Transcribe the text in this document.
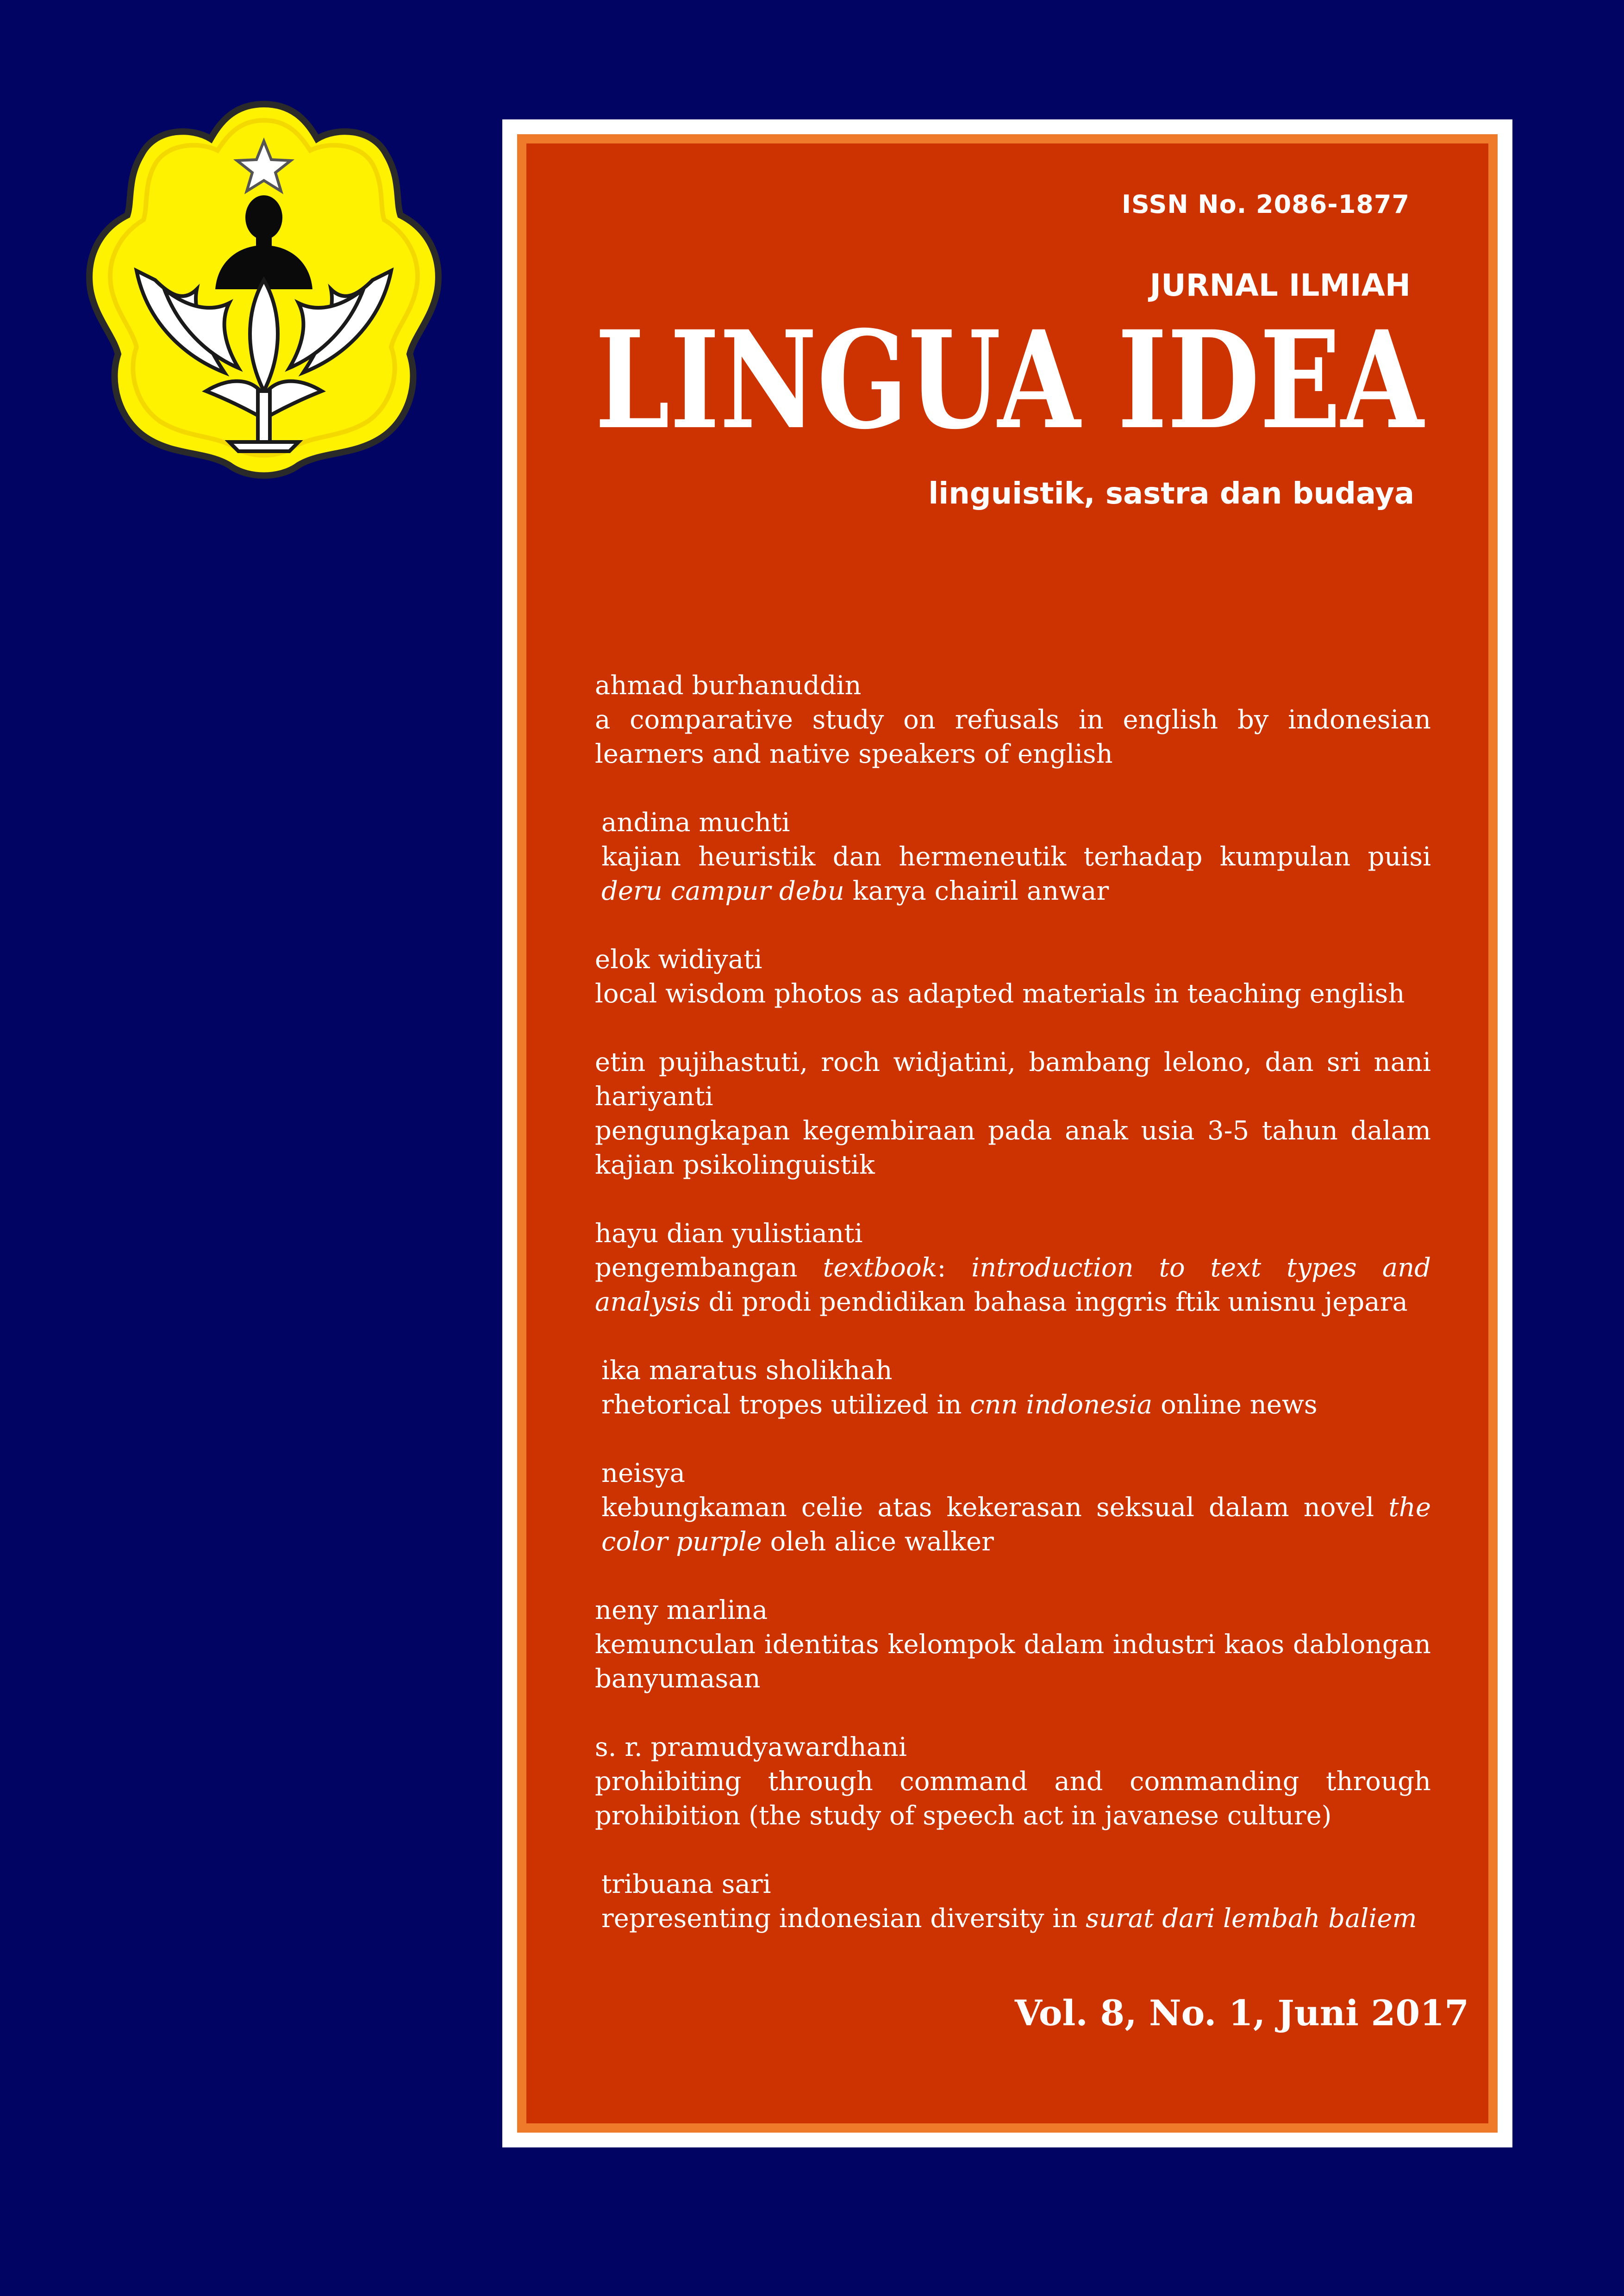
ISSN No. 2086-1877
JURNAL ILMIAH
LINGUA IDEA
linguistik, sastra dan budaya
ahmad burhanuddin
a comparative study on refusals in english by indonesian learners and native speakers of english
andina muchti
kajian heuristik dan hermeneutik terhadap kumpulan puisi deru campur debu karya chairil anwar
elok widiyati
local wisdom photos as adapted materials in teaching english
etin pujihastuti, roch widjatini, bambang lelono, dan sri nani hariyanti
pengungkapan kegembiraan pada anak usia 3-5 tahun dalam kajian psikolinguistik
hayu dian yulistianti
pengembangan textbook: introduction to text types and analysis di prodi pendidikan bahasa inggris ftik unisnu jepara
ika maratus sholikhah
rhetorical tropes utilized in cnn indonesia online news
neisya
kebungkaman celie atas kekerasan seksual dalam novel the color purple oleh alice walker
neny marlina
kemunculan identitas kelompok dalam industri kaos dablongan banyumasan
s. r. pramudyawardhani
prohibiting through command and commanding through prohibition (the study of speech act in javanese culture)
tribuana sari
representing indonesian diversity in surat dari lembah baliem
Vol. 8, No. 1, Juni 2017
